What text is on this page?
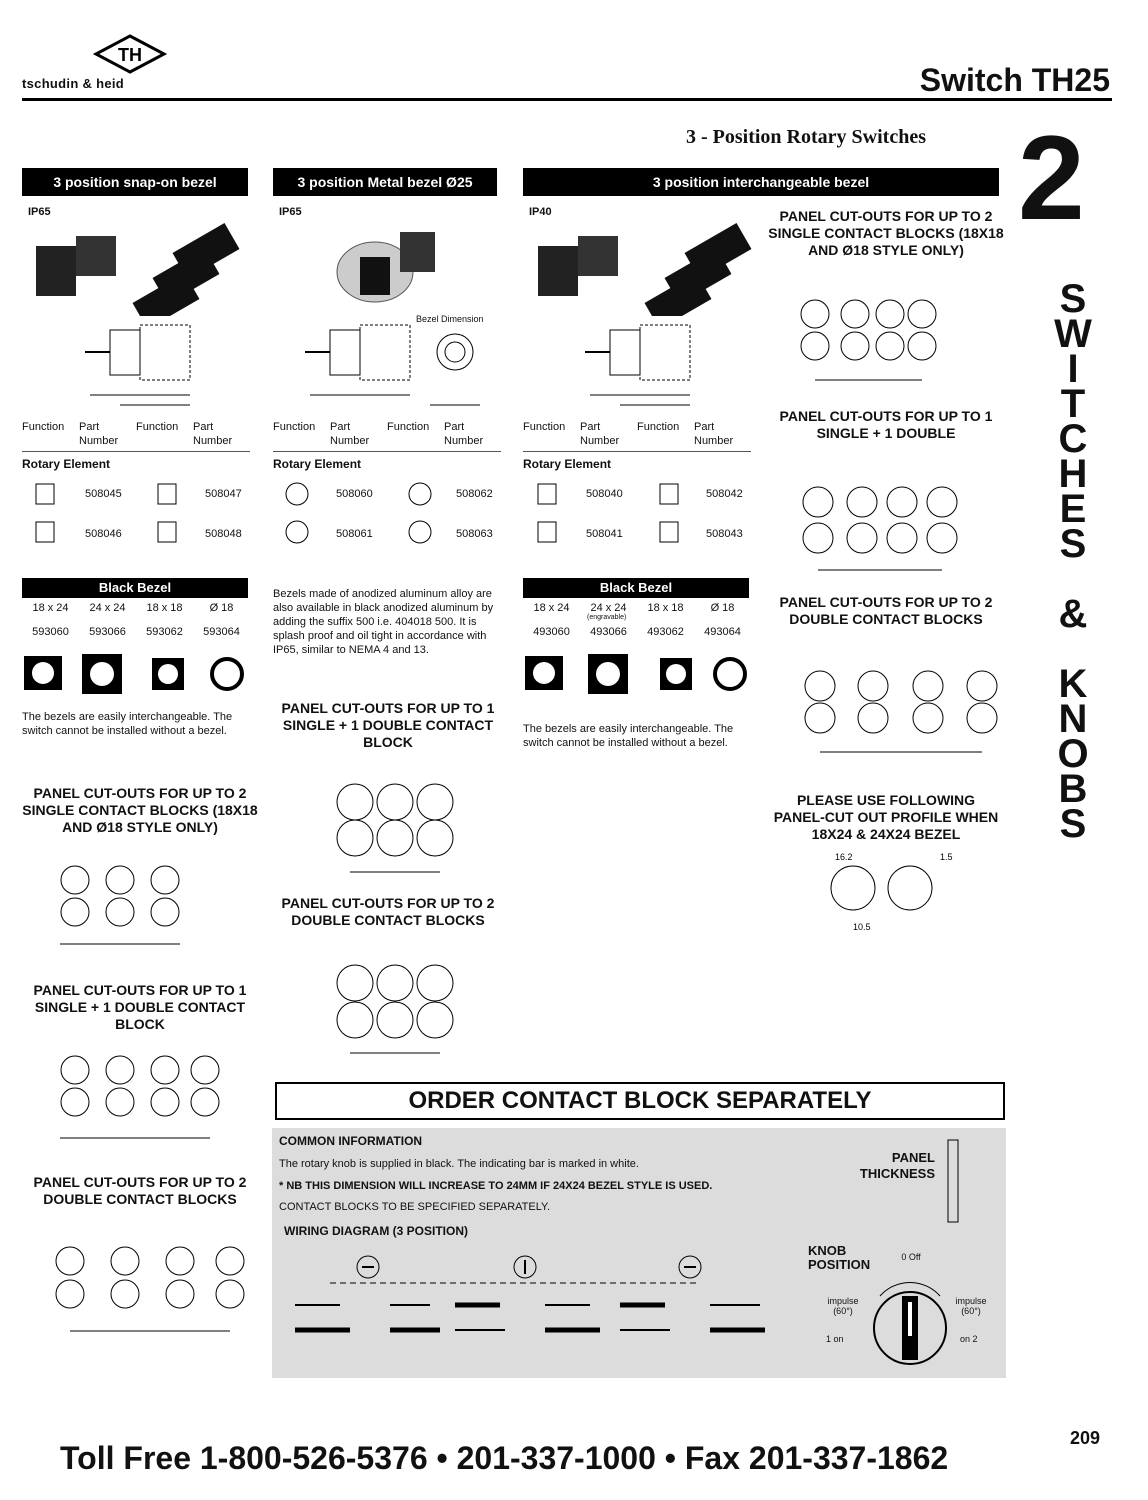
TH
tschudin & heid	Switch TH25
3 - Position Rotary Switches 2
S
W
I
T
C
H
E
S
&
K
N
O
B
S
3 position snap-on bezel
IP65
Function	Part Number
Function	Part Number
Rotary Element
508045	508047
508046	508048
Black Bezel
18 x 24	24 x 24	18 x 18	Ø 18
593060	593066	593062	593064
The bezels are easily interchangeable. The switch cannot be installed without a bezel.
PANEL CUT-OUTS FOR UP TO 2 SINGLE CONTACT BLOCKS (18X18 AND Ø18 STYLE ONLY)
PANEL CUT-OUTS FOR UP TO 1 SINGLE + 1 DOUBLE CONTACT BLOCK
PANEL CUT-OUTS FOR UP TO 2 DOUBLE CONTACT BLOCKS
3 position Metal bezel Ø25
IP65
Bezel Dimension
Function	Part Number
Function	Part Number
Rotary Element
508060	508062
508061	508063
Bezels made of anodized aluminum alloy are also available in black anodized aluminum by adding the suffix 500 i.e. 404018 500. It is splash proof and oil tight in accordance with IP65, similar to NEMA 4 and 13.
PANEL CUT-OUTS FOR UP TO 1 SINGLE + 1 DOUBLE CONTACT BLOCK
PANEL CUT-OUTS FOR UP TO 2 DOUBLE CONTACT BLOCKS
3 position interchangeable bezel
IP40
Function	Part Number
Function	Part Number
Rotary Element
508040	508042
508041	508043
Black Bezel
18 x 24	24 x 24	18 x 18	Ø 18
(engravable)
493060	493066	493062	493064
The bezels are easily interchangeable. The switch cannot be installed without a bezel.
PANEL CUT-OUTS FOR UP TO 2 SINGLE CONTACT BLOCKS (18X18 AND Ø18 STYLE ONLY)
PANEL CUT-OUTS FOR UP TO 1 SINGLE + 1 DOUBLE
PANEL CUT-OUTS FOR UP TO 2 DOUBLE CONTACT BLOCKS
PLEASE USE FOLLOWING PANEL-CUT OUT PROFILE WHEN 18X24 & 24X24 BEZEL
16.2	1.5
10.5
ORDER CONTACT BLOCK SEPARATELY
COMMON INFORMATION
The rotary knob is supplied in black. The indicating bar is marked in white.
* NB THIS DIMENSION WILL INCREASE TO 24MM IF 24X24 BEZEL STYLE IS USED.
CONTACT BLOCKS TO BE SPECIFIED SEPARATELY.
WIRING DIAGRAM (3 POSITION)
PANEL THICKNESS
KNOB POSITION	0 Off
impulse (60°)
impulse (60°)
1 on	on 2
Toll Free 1-800-526-5376 • 201-337-1000 • Fax 201-337-1862
209
